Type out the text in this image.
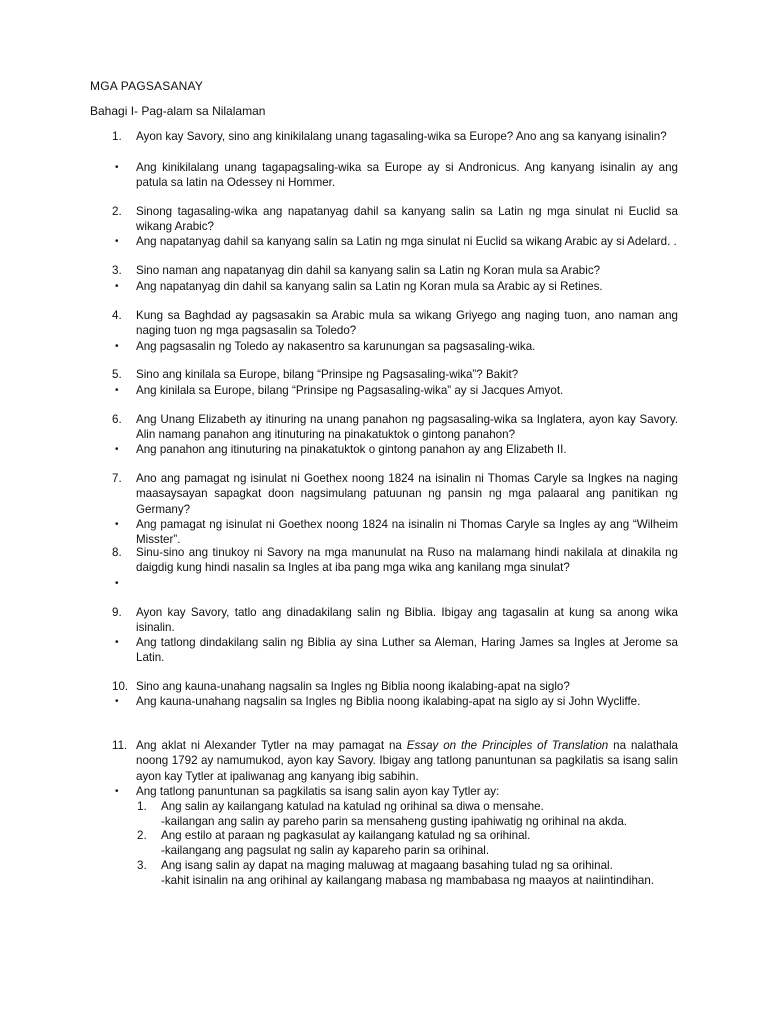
MGA PAGSASANAY
Bahagi I- Pag-alam sa Nilalaman
1.	Ayon kay Savory, sino ang kinikilalang unang tagasaling-wika sa Europe? Ano ang sa kanyang isinalin?
•	Ang kinikilalang unang tagapagsaling-wika sa Europe ay si Andronicus. Ang kanyang isinalin ay ang patula sa latin na Odessey ni Hommer.
2.	Sinong tagasaling-wika ang napatanyag dahil sa kanyang salin sa Latin ng mga sinulat ni Euclid sa wikang Arabic?
•	Ang napatanyag dahil sa kanyang salin sa Latin ng mga sinulat ni Euclid sa wikang Arabic ay si Adelard. .
3.	Sino naman ang napatanyag din dahil sa kanyang salin sa Latin ng Koran mula sa Arabic?
•	Ang napatanyag din dahil sa kanyang salin sa Latin ng Koran mula sa Arabic ay si Retines.
4.	Kung sa Baghdad ay pagsasakin sa Arabic mula sa wikang Griyego ang naging tuon, ano naman ang naging tuon ng mga pagsasalin sa Toledo?
•	Ang pagsasalin ng Toledo ay nakasentro sa karunungan sa pagsasaling-wika.
5.	Sino ang kinilala sa Europe, bilang “Prinsipe ng Pagsasaling-wika”? Bakit?
•	Ang kinilala sa Europe, bilang “Prinsipe ng Pagsasaling-wika” ay si Jacques Amyot.
6.	Ang Unang Elizabeth ay itinuring na unang panahon ng pagsasaling-wika sa Inglatera, ayon kay Savory. Alin namang panahon ang itinuturing na pinakatuktok o gintong panahon?
•	Ang panahon ang itinuturing na pinakatuktok o gintong panahon ay ang Elizabeth II.
7.	Ano ang pamagat ng isinulat ni Goethex noong 1824 na isinalin ni Thomas Caryle sa Ingkes na naging maasaysayan sapagkat doon nagsimulang patuunan ng pansin ng mga palaaral ang panitikan ng Germany?
•	Ang pamagat ng isinulat ni Goethex noong 1824 na isinalin ni Thomas Caryle sa Ingles ay ang “Wilheim Misster”.
8.	Sinu-sino ang tinukoy ni Savory na mga manunulat na Ruso na malamang hindi nakilala at dinakila ng daigdig kung hindi nasalin sa Ingles at iba pang mga wika ang kanilang mga sinulat?
•
9.	Ayon kay Savory, tatlo ang dinadakilang salin ng Biblia. Ibigay ang tagasalin at kung sa anong wika isinalin.
•	Ang tatlong dindakilang salin ng Biblia ay sina Luther sa Aleman, Haring James sa Ingles at Jerome sa Latin.
10. Sino ang kauna-unahang nagsalin sa Ingles ng Biblia noong ikalabing-apat na siglo?
•	Ang kauna-unahang nagsalin sa Ingles ng Biblia noong ikalabing-apat na siglo ay si John Wycliffe.
11. Ang aklat ni Alexander Tytler na may pamagat na Essay on the Principles of Translation na nalathala noong 1792 ay namumukod, ayon kay Savory. Ibigay ang tatlong panuntunan sa pagkilatis sa isang salin ayon kay Tytler at ipaliwanag ang kanyang ibig sabihin.
•	Ang tatlong panuntunan sa pagkilatis sa isang salin ayon kay Tytler ay:
1.	Ang salin ay kailangang katulad na katulad ng orihinal sa diwa o mensahe.
-kailangan ang salin ay pareho parin sa mensaheng gusting ipahiwatig ng orihinal na akda.
2.	Ang estilo at paraan ng pagkasulat ay kailangang katulad ng sa orihinal.
-kailangang ang pagsulat ng salin ay kapareho parin sa orihinal.
3.	Ang isang salin ay dapat na maging maluwag at magaang basahing tulad ng sa orihinal.
-kahit isinalin na ang orihinal ay kailangang mabasa ng mambabasa ng maayos at naiintindihan.
